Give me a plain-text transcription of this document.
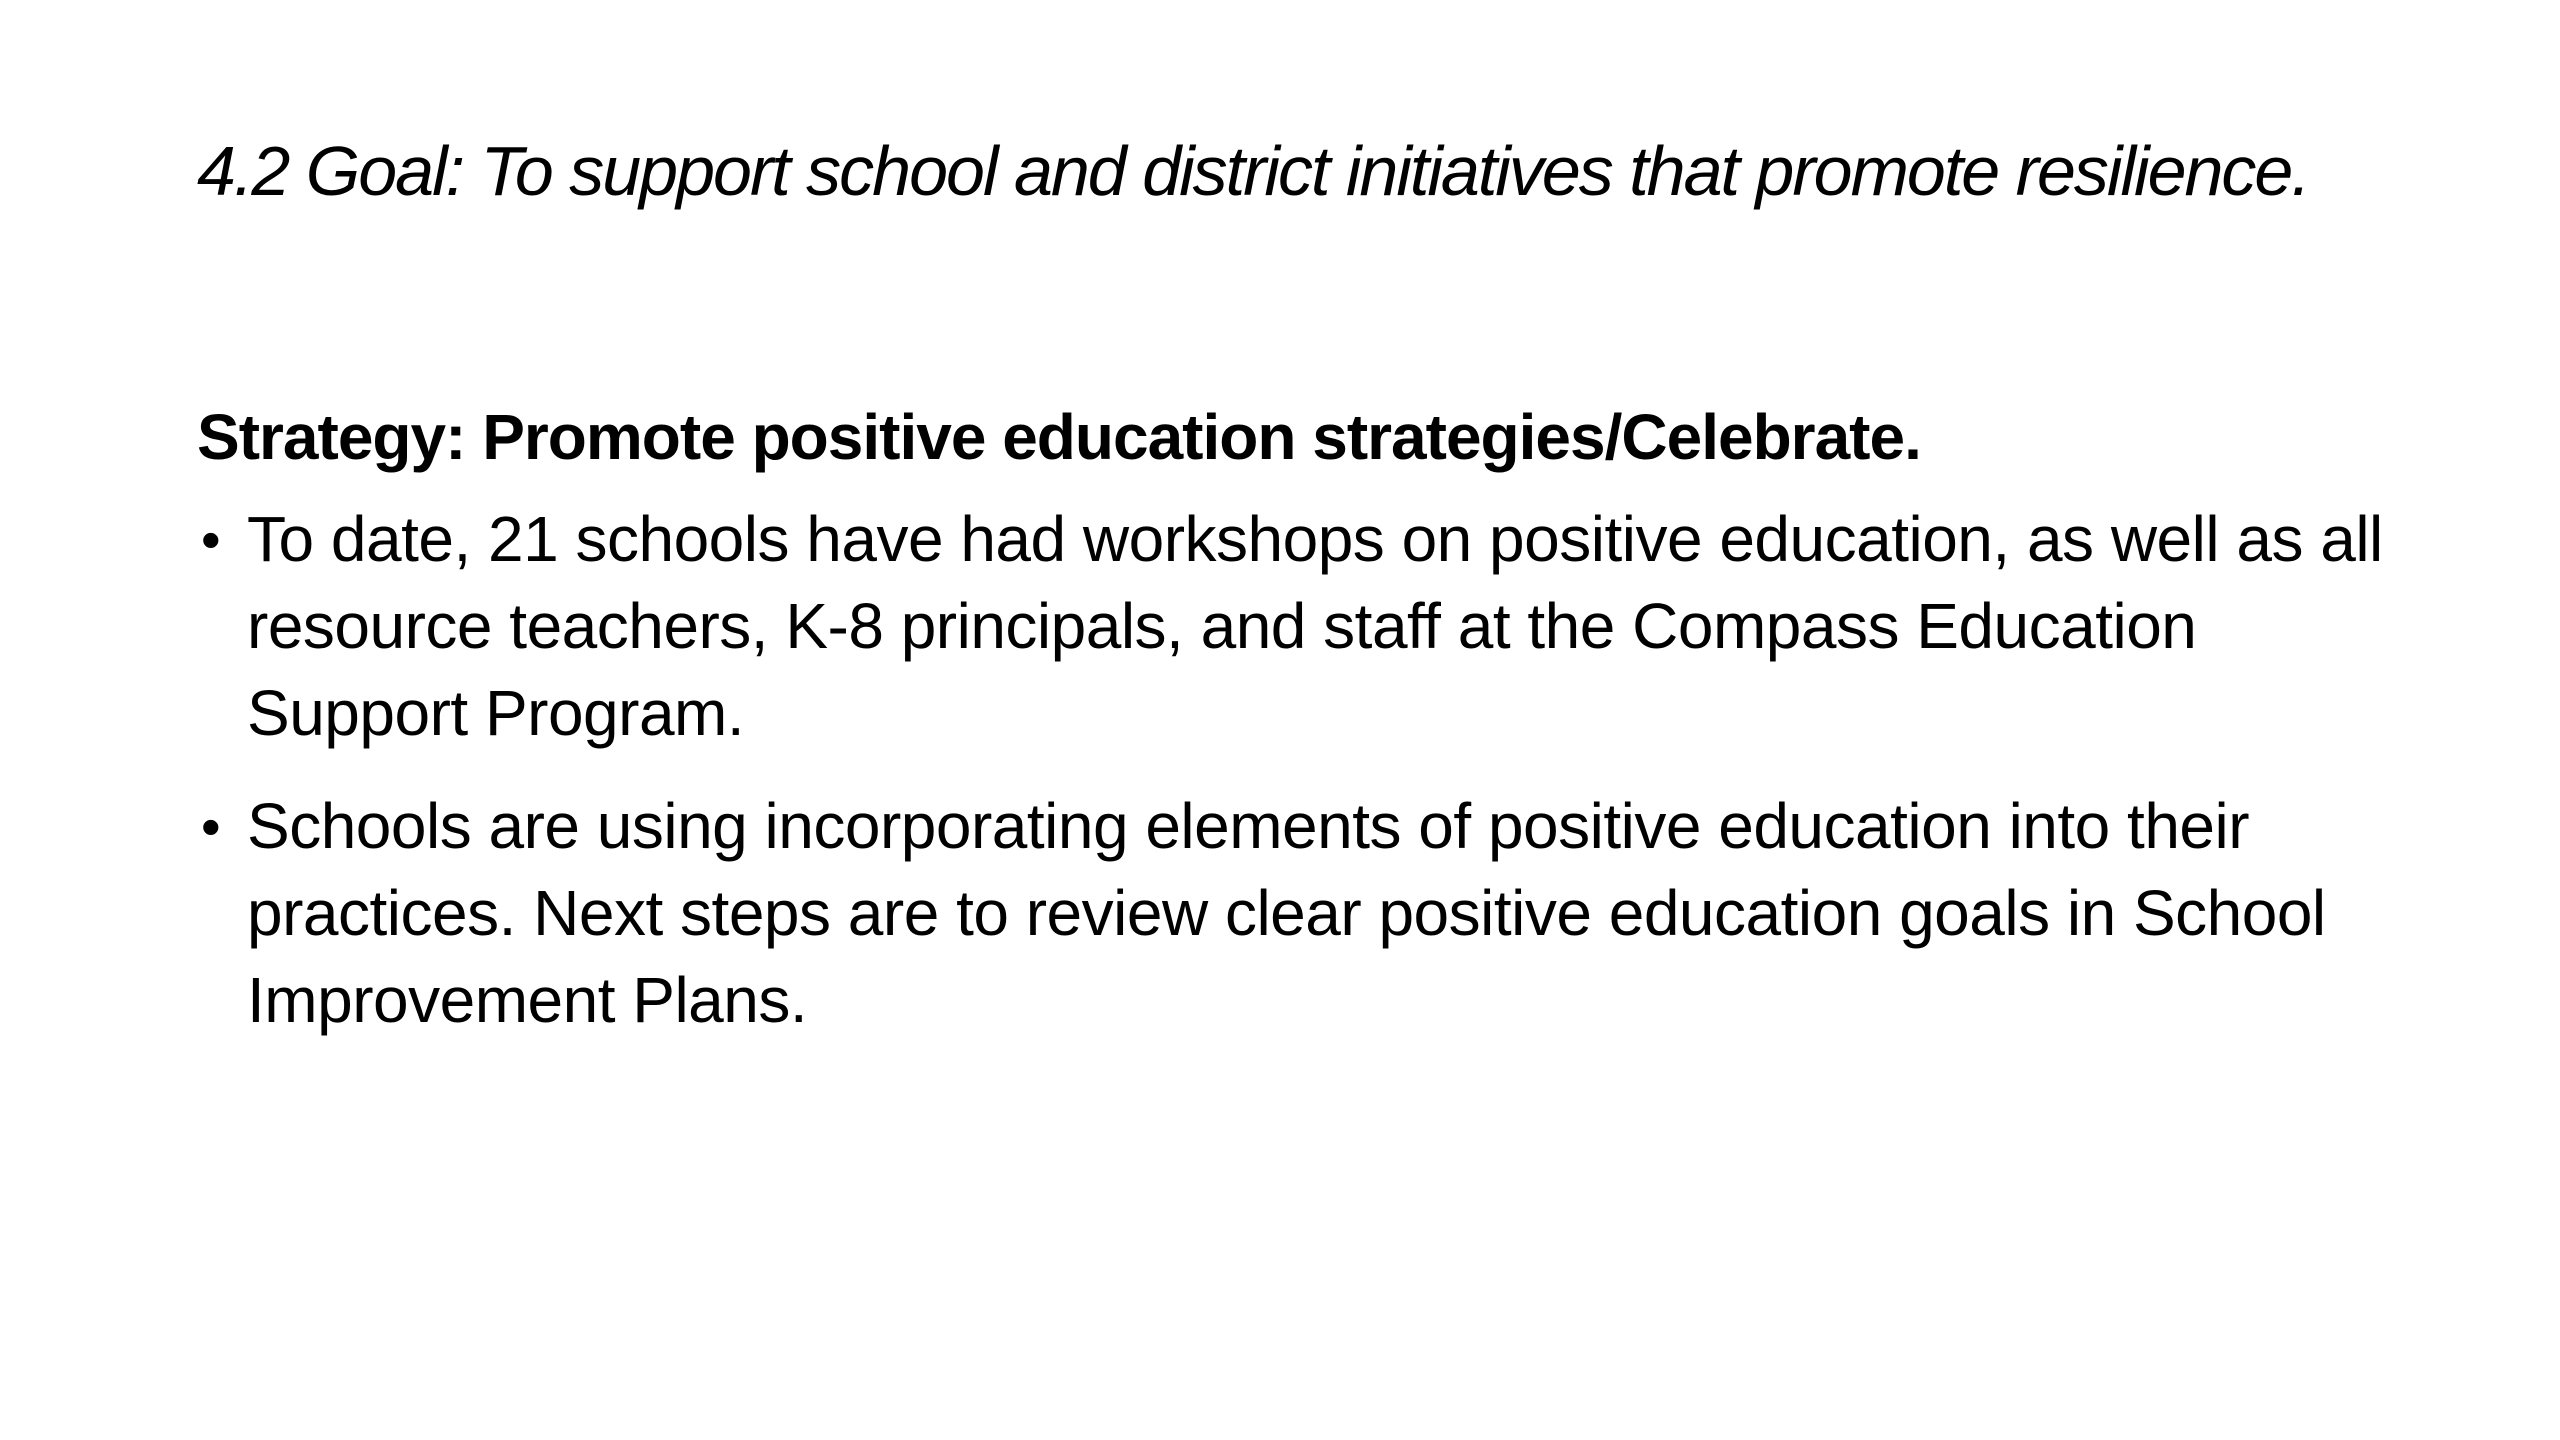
4.2 Goal: To support school and district initiatives that promote resilience.
Strategy: Promote positive education strategies/Celebrate.
• To date, 21 schools have had workshops on positive education, as well as all resource teachers, K-8 principals, and staff at the Compass Education Support Program.
• Schools are using incorporating elements of positive education into their practices. Next steps are to review clear positive education goals in School Improvement Plans.
